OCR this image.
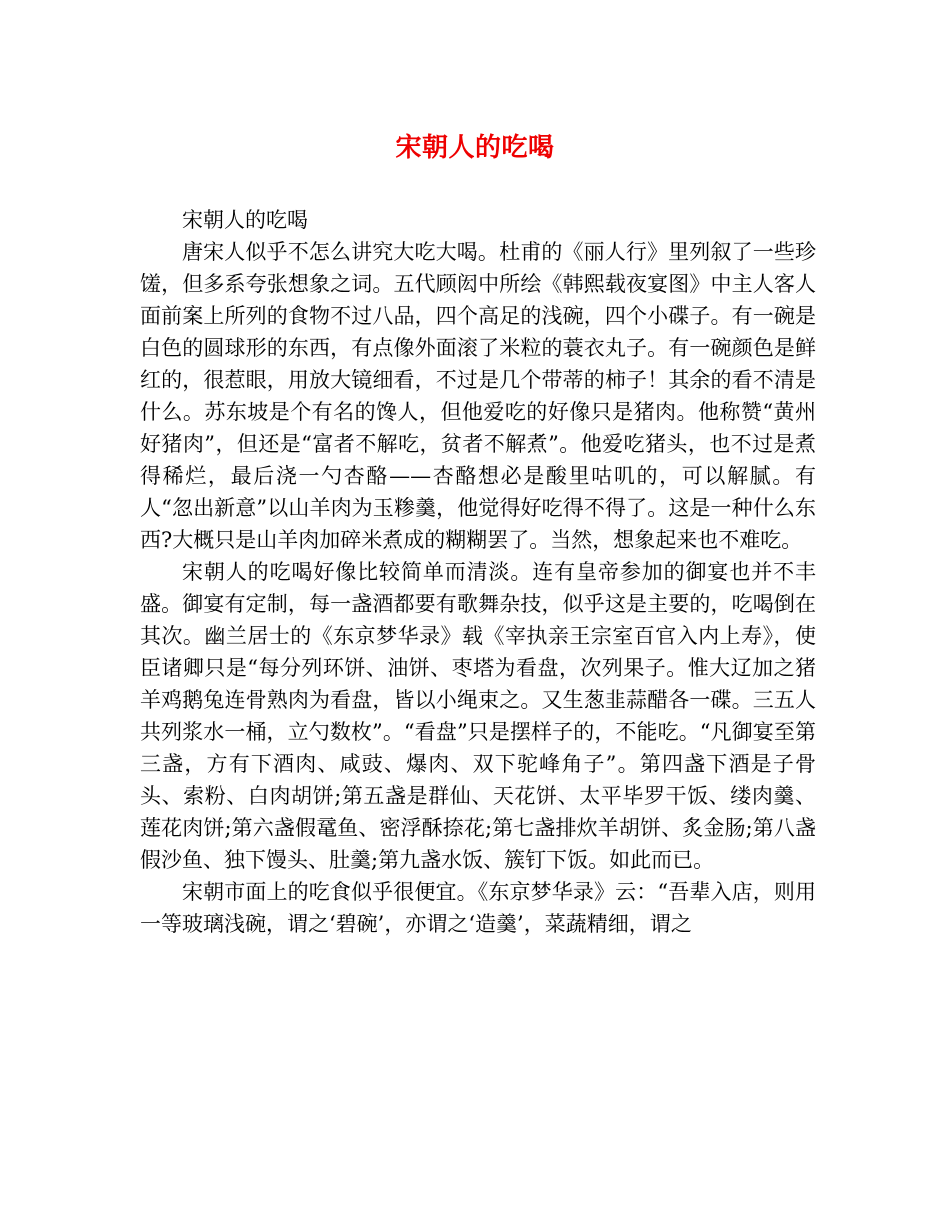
宋朝人的吃喝

宋朝人的吃喝

唐宋人似乎不怎么讲究大吃大喝。杜甫的《丽人行》里列叙了一些珍馐，但多系夸张想象之词。五代顾闳中所绘《韩熙载夜宴图》中主人客人面前案上所列的食物不过八品，四个高足的浅碗，四个小碟子。有一碗是白色的圆球形的东西，有点像外面滚了米粒的蓑衣丸子。有一碗颜色是鲜红的，很惹眼，用放大镜细看，不过是几个带蒂的柿子！其余的看不清是什么。苏东坡是个有名的馋人，但他爱吃的好像只是猪肉。他称赞“黄州好猪肉”，但还是“富者不解吃，贫者不解煮”。他爱吃猪头，也不过是煮得稀烂，最后浇一勺杏酪——杏酪想必是酸里咕叽的，可以解腻。有人“忽出新意”以山羊肉为玉糁羹，他觉得好吃得不得了。这是一种什么东西?大概只是山羊肉加碎米煮成的糊糊罢了。当然，想象起来也不难吃。

宋朝人的吃喝好像比较简单而清淡。连有皇帝参加的御宴也并不丰盛。御宴有定制，每一盏酒都要有歌舞杂技，似乎这是主要的，吃喝倒在其次。幽兰居士的《东京梦华录》载《宰执亲王宗室百官入内上寿》，使臣诸卿只是“每分列环饼、油饼、枣塔为看盘，次列果子。惟大辽加之猪羊鸡鹅兔连骨熟肉为看盘，皆以小绳束之。又生葱韭蒜醋各一碟。三五人共列浆水一桶，立勺数枚”。“看盘”只是摆样子的，不能吃。“凡御宴至第三盏，方有下酒肉、咸豉、爆肉、双下驼峰角子”。第四盏下酒是子骨头、索粉、白肉胡饼;第五盏是群仙、天花饼、太平毕罗干饭、缕肉羹、莲花肉饼;第六盏假鼋鱼、密浮酥捺花;第七盏排炊羊胡饼、炙金肠;第八盏假沙鱼、独下馒头、肚羹;第九盏水饭、簇钉下饭。如此而已。

宋朝市面上的吃食似乎很便宜。《东京梦华录》云：“吾辈入店，则用一等玻璃浅碗，谓之‘碧碗’，亦谓之‘造羹’，菜蔬精细，谓之
